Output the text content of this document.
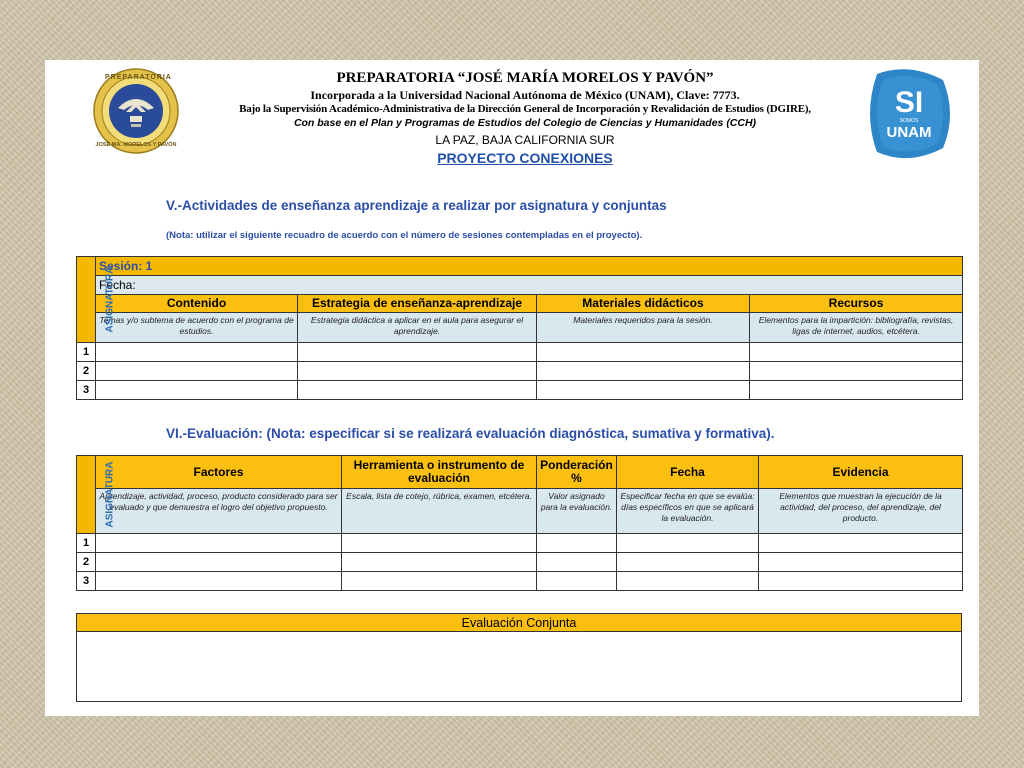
PREPARATORIA
JOSÉ MA. MORELOS Y PAVÓN
PREPARATORIA “JOSÉ MARÍA MORELOS Y PAVÓN”
Incorporada a la Universidad Nacional Autónoma de México (UNAM), Clave: 7773.
Bajo la Supervisión Académico-Administrativa de la Dirección General de Incorporación y Revalidación de Estudios (DGIRE),
Con base en el Plan y Programas de Estudios del Colegio de Ciencias y Humanidades (CCH)
LA PAZ, BAJA CALIFORNIA SUR
PROYECTO CONEXIONES
SI
SOMOS
UNAM
V.-Actividades de enseñanza aprendizaje a realizar por asignatura y conjuntas
(Nota: utilizar el siguiente recuadro de acuerdo con el número de sesiones contempladas en el proyecto).
ASIGNATURA	Sesión: 1			
	Fecha:			
	Contenido	Estrategia de enseñanza-aprendizaje	Materiales didácticos	Recursos
	Temas y/o subtema de acuerdo con el programa de estudios.	Estrategia didáctica a aplicar en el aula para asegurar el aprendizaje.	Materiales requeridos para la sesión.	Elementos para la impartición: bibliografía, revistas, ligas de internet, audios, etcétera.
1				
2				
3				
VI.-Evaluación: (Nota: especificar si se realizará evaluación diagnóstica, sumativa y formativa).
ASIGNATURA	Factores	Herramienta o instrumento de evaluación	Ponderación %	Fecha	Evidencia
	Aprendizaje, actividad, proceso, producto considerado para ser evaluado y que demuestra el logro del objetivo propuesto.	Escala, lista de cotejo, rúbrica, examen, etcétera.	Valor asignado para la evaluación.	Especificar fecha en que se evalúa: días específicos en que se aplicará la evaluación.	Elementos que muestran la ejecución de la actividad, del proceso, del aprendizaje, del producto.
1					
2					
3					
Evaluación Conjunta
